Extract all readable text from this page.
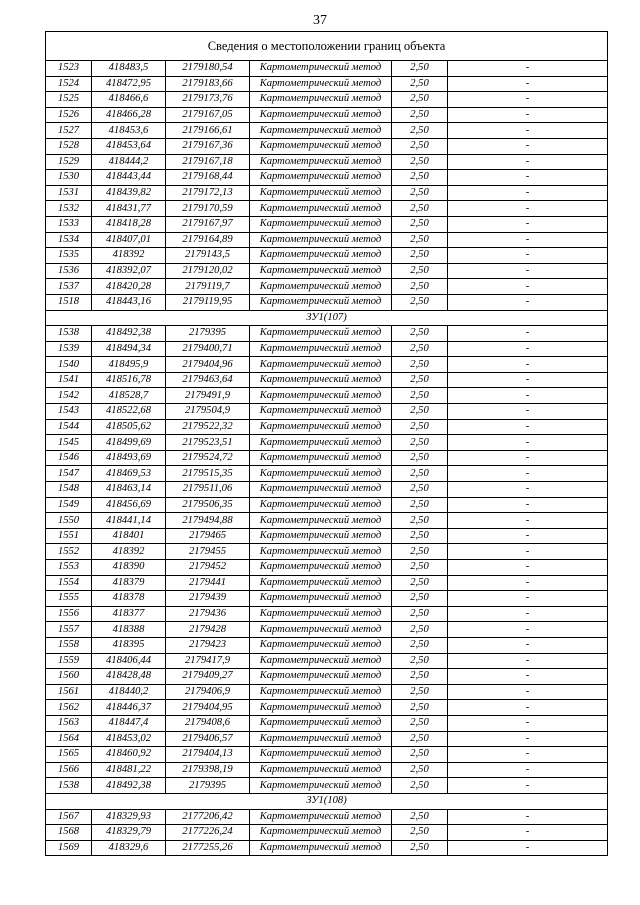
37
Сведения о местоположении границ объекта					
1523	418483,5	2179180,54	Картометрический метод	2,50	-
1524	418472,95	2179183,66	Картометрический метод	2,50	-
1525	418466,6	2179173,76	Картометрический метод	2,50	-
1526	418466,28	2179167,05	Картометрический метод	2,50	-
1527	418453,6	2179166,61	Картометрический метод	2,50	-
1528	418453,64	2179167,36	Картометрический метод	2,50	-
1529	418444,2	2179167,18	Картометрический метод	2,50	-
1530	418443,44	2179168,44	Картометрический метод	2,50	-
1531	418439,82	2179172,13	Картометрический метод	2,50	-
1532	418431,77	2179170,59	Картометрический метод	2,50	-
1533	418418,28	2179167,97	Картометрический метод	2,50	-
1534	418407,01	2179164,89	Картометрический метод	2,50	-
1535	418392	2179143,5	Картометрический метод	2,50	-
1536	418392,07	2179120,02	Картометрический метод	2,50	-
1537	418420,28	2179119,7	Картометрический метод	2,50	-
1518	418443,16	2179119,95	Картометрический метод	2,50	-
ЗУ1(107)					
1538	418492,38	2179395	Картометрический метод	2,50	-
1539	418494,34	2179400,71	Картометрический метод	2,50	-
1540	418495,9	2179404,96	Картометрический метод	2,50	-
1541	418516,78	2179463,64	Картометрический метод	2,50	-
1542	418528,7	2179491,9	Картометрический метод	2,50	-
1543	418522,68	2179504,9	Картометрический метод	2,50	-
1544	418505,62	2179522,32	Картометрический метод	2,50	-
1545	418499,69	2179523,51	Картометрический метод	2,50	-
1546	418493,69	2179524,72	Картометрический метод	2,50	-
1547	418469,53	2179515,35	Картометрический метод	2,50	-
1548	418463,14	2179511,06	Картометрический метод	2,50	-
1549	418456,69	2179506,35	Картометрический метод	2,50	-
1550	418441,14	2179494,88	Картометрический метод	2,50	-
1551	418401	2179465	Картометрический метод	2,50	-
1552	418392	2179455	Картометрический метод	2,50	-
1553	418390	2179452	Картометрический метод	2,50	-
1554	418379	2179441	Картометрический метод	2,50	-
1555	418378	2179439	Картометрический метод	2,50	-
1556	418377	2179436	Картометрический метод	2,50	-
1557	418388	2179428	Картометрический метод	2,50	-
1558	418395	2179423	Картометрический метод	2,50	-
1559	418406,44	2179417,9	Картометрический метод	2,50	-
1560	418428,48	2179409,27	Картометрический метод	2,50	-
1561	418440,2	2179406,9	Картометрический метод	2,50	-
1562	418446,37	2179404,95	Картометрический метод	2,50	-
1563	418447,4	2179408,6	Картометрический метод	2,50	-
1564	418453,02	2179406,57	Картометрический метод	2,50	-
1565	418460,92	2179404,13	Картометрический метод	2,50	-
1566	418481,22	2179398,19	Картометрический метод	2,50	-
1538	418492,38	2179395	Картометрический метод	2,50	-
ЗУ1(108)					
1567	418329,93	2177206,42	Картометрический метод	2,50	-
1568	418329,79	2177226,24	Картометрический метод	2,50	-
1569	418329,6	2177255,26	Картометрический метод	2,50	-
